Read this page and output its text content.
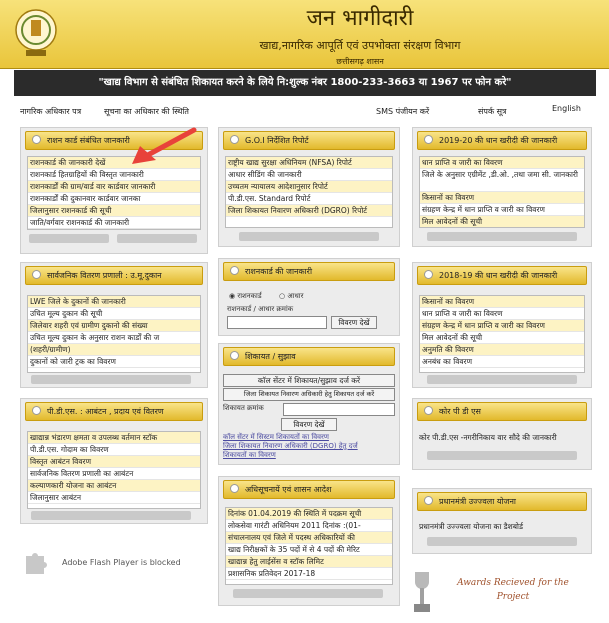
जन भागीदारी
खाद्य,नागरिक आपूर्ति एवं उपभोक्ता संरक्षण विभाग
छत्तीसगढ़ शासन
"खाद्य विभाग से संबंधित शिकायत करने के लिये नि:शुल्क नंबर 1800-233-3663 या 1967 पर फोन करे"
नागरिक अधिकार पत्र	सूचना का अधिकार की स्थिति	SMS पंजीयन करें	संपर्क सूत्र	English
राशन कार्ड संबंधित जानकारी
राशनकार्ड की जानकारी देखें
राशनकार्ड हितग्राहियों की विस्तृत जानकारी
राशनकार्डों की ग्राम/वार्ड वार कार्डवार जानकारी
राशनकार्डों की दुकानवार कार्डवार जानका
जिलानुसार राशनकार्ड की सूची
जाति/वर्गवार राशनकार्ड की जानकारी
G.O.I निर्देशित रिपोर्ट
राष्ट्रीय खाद्य सुरक्षा अधिनियम (NFSA) रिपोर्ट
आधार सीडिंग की जानकारी
उच्चतम न्यायालय आदेशानुसार रिपोर्ट
पी.डी.एस. Standard रिपोर्ट
जिला शिकायत निवारण अधिकारी (DGRO) रिपोर्ट
2019-20 की धान खरीदी की जानकारी
धान प्राप्ति व जारी का विवरण
जिले के अनुसार एग्रीमेंट ,डी.ओ. ,तथा जमा सी. जानकारी
किसानों का विवरण
संग्रहण केन्द्र में धान प्राप्ति व जारी का विवरण
मिल आवेदनों की सूची
सार्वजनिक वितरण प्रणाली : उ.मू.दुकान
LWE जिले के दुकानों की जानकारी
उचित मूल्य दुकान की सूची
जिलेवार शहरी एवं ग्रामीण दुकानो की संख्या
उचित मूल्य दुकान के अनुसार राशन कार्डों की ज
(शहरी/ग्रामीण)
दुकानों को जारी ट्रक का विवरण
राशनकार्ड की जानकारी
◉ राशनकार्ड ○ आधार
राशनकार्ड / आधार क्रमांक
विवरण देखें
2018-19 की धान खरीदी की जानकारी
किसानों का विवरण
धान प्राप्ति व जारी का विवरण
संग्रहण केन्द्र में धान प्राप्ति व जारी का विवरण
मिल आवेदनों की सूची
अनुमति की विवरण
अनबंध का विवरण
शिकायत / सुझाव
कॉल सेंटर में शिकायत/सुझाव दर्ज करें
जिला शिकायत निवारण अधिकारी हेतु शिकायत दर्ज करें
शिकायत क्रमांक
विवरण देखें
कॉल सेंटर में सिस्टम शिकायतों का विवरण
जिला शिकायत निवारण अधिकारी (DGRO) हेतु दर्ज
शिकायतों का विवरण
पी.डी.एस. : आबंटन , प्रदाय एवं वितरण
खाद्यान्न भंडारण क्षमता व उपलब्ध वर्तमान स्टॉक
पी.डी.एस. गोदाम का विवरण
विस्तृत आबंटन विवरण
सार्वजनिक वितरण प्रणाली का आबंटन
कल्याणकारी योजना का आबंटन
जिलानुसार आबंटन
कोर पी डी एस
कोर पी.डी.एस -नगरीनिकाय वार सौदे की जानकारी
अधिसूचनायें एवं शासन आदेश
दिनांक 01.04.2019 की स्थिति में पदक्रम सूची
लोकसेवा गारंटी अधिनियम 2011 दिनांक :(01-
संचालनालय एवं जिले में पदस्थ अधिकारियों की
खाद्य निरीक्षकों के 35 पदों में से 4 पदों की मेरिट
खाद्यान्न हेतु लाईसेंस व स्टॉक लिमिट
प्रशासनिक प्रतिवेदन 2017-18
प्रधानमंत्री उज्ज्वला योजना
प्रधानमंत्री उज्ज्वला योजना का डैशबोर्ड
Adobe Flash Player is blocked
Awards Recieved for the
Project
